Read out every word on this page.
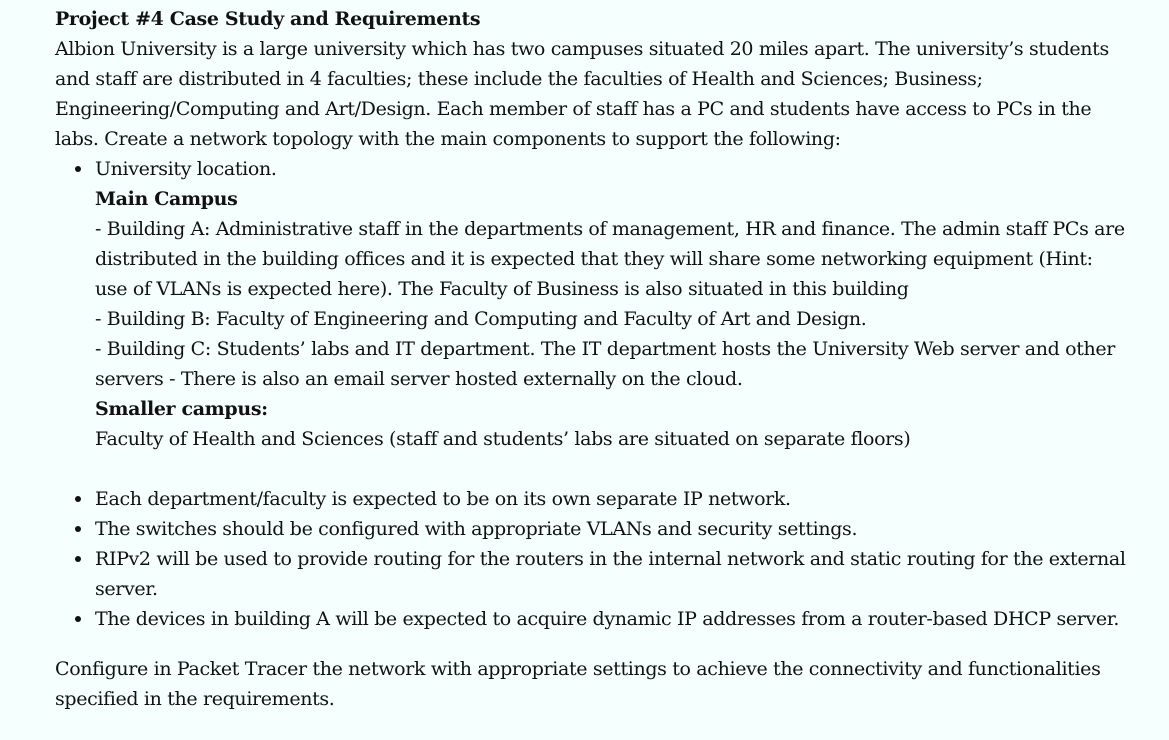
Project #4 Case Study and Requirements

Albion University is a large university which has two campuses situated 20 miles apart. The university’s students and staff are distributed in 4 faculties; these include the faculties of Health and Sciences; Business; Engineering/Computing and Art/Design. Each member of staff has a PC and students have access to PCs in the labs. Create a network topology with the main components to support the following:

University location.
Main Campus
- Building A: Administrative staff in the departments of management, HR and finance. The admin staff PCs are distributed in the building offices and it is expected that they will share some networking equipment (Hint: use of VLANs is expected here). The Faculty of Business is also situated in this building
- Building B: Faculty of Engineering and Computing and Faculty of Art and Design.
- Building C: Students’ labs and IT department. The IT department hosts the University Web server and other servers - There is also an email server hosted externally on the cloud.
Smaller campus:
Faculty of Health and Sciences (staff and students’ labs are situated on separate floors)
Each department/faculty is expected to be on its own separate IP network.
The switches should be configured with appropriate VLANs and security settings.
RIPv2 will be used to provide routing for the routers in the internal network and static routing for the external server.
The devices in building A will be expected to acquire dynamic IP addresses from a router-based DHCP server.

Configure in Packet Tracer the network with appropriate settings to achieve the connectivity and functionalities specified in the requirements.
